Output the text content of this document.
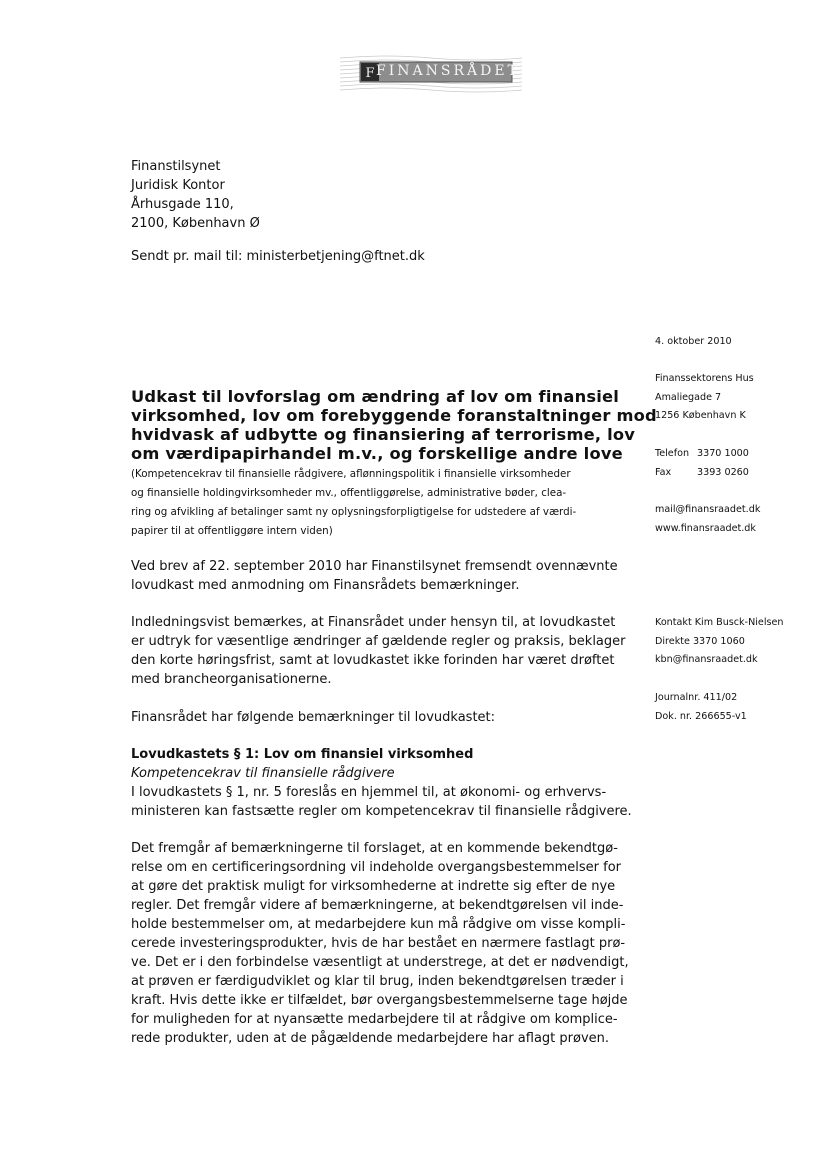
F FINANSRÅDET
Finanstilsynet
Juridisk Kontor
Århusgade 110,
2100, København Ø
Sendt pr. mail til: ministerbetjening@ftnet.dk
4. oktober 2010
Finanssektorens Hus
Amaliegade 7
1256 København K
Telefon 3370 1000
Fax	3393 0260
mail@finansraadet.dk
www.finansraadet.dk
Kontakt Kim Busck-Nielsen
Direkte 3370 1060
kbn@finansraadet.dk
Journalnr. 411/02
Dok. nr. 266655-v1
Udkast til lovforslag om ændring af lov om finansiel
virksomhed, lov om forebyggende foranstaltninger mod
hvidvask af udbytte og finansiering af terrorisme, lov
om værdipapirhandel m.v., og forskellige andre love
(Kompetencekrav til finansielle rådgivere, aflønningspolitik i finansielle virksomheder
og finansielle holdingvirksomheder mv., offentliggørelse, administrative bøder, clea-
ring og afvikling af betalinger samt ny oplysningsforpligtigelse for udstedere af værdi-
papirer til at offentliggøre intern viden)
Ved brev af 22. september 2010 har Finanstilsynet fremsendt ovennævnte
lovudkast med anmodning om Finansrådets bemærkninger.
Indledningsvist bemærkes, at Finansrådet under hensyn til, at lovudkastet
er udtryk for væsentlige ændringer af gældende regler og praksis, beklager
den korte høringsfrist, samt at lovudkastet ikke forinden har været drøftet
med brancheorganisationerne.
Finansrådet har følgende bemærkninger til lovudkastet:
Lovudkastets § 1: Lov om finansiel virksomhed
Kompetencekrav til finansielle rådgivere
I lovudkastets § 1, nr. 5 foreslås en hjemmel til, at økonomi- og erhvervs-
ministeren kan fastsætte regler om kompetencekrav til finansielle rådgivere.
Det fremgår af bemærkningerne til forslaget, at en kommende bekendtgø-
relse om en certificeringsordning vil indeholde overgangsbestemmelser for
at gøre det praktisk muligt for virksomhederne at indrette sig efter de nye
regler. Det fremgår videre af bemærkningerne, at bekendtgørelsen vil inde-
holde bestemmelser om, at medarbejdere kun må rådgive om visse kompli-
cerede investeringsprodukter, hvis de har bestået en nærmere fastlagt prø-
ve. Det er i den forbindelse væsentligt at understrege, at det er nødvendigt,
at prøven er færdigudviklet og klar til brug, inden bekendtgørelsen træder i
kraft. Hvis dette ikke er tilfældet, bør overgangsbestemmelserne tage højde
for muligheden for at nyansætte medarbejdere til at rådgive om komplice-
rede produkter, uden at de pågældende medarbejdere har aflagt prøven.
